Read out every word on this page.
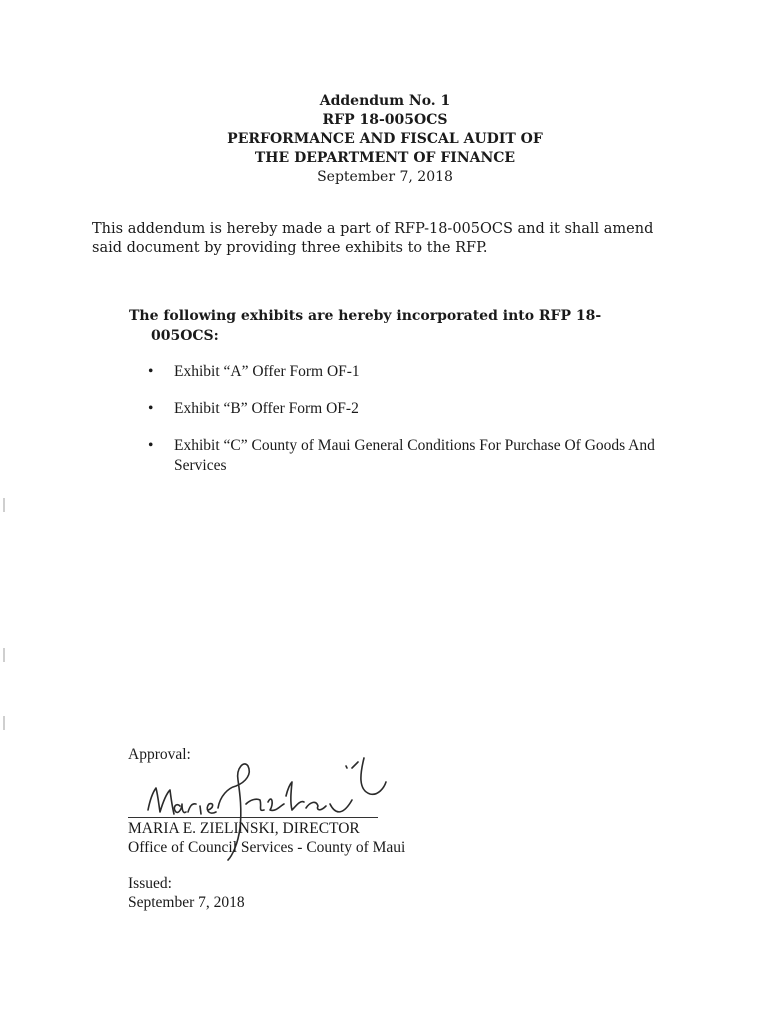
Addendum No. 1
RFP 18-005OCS
PERFORMANCE AND FISCAL AUDIT OF
THE DEPARTMENT OF FINANCE
September 7, 2018

This addendum is hereby made a part of RFP-18-005OCS and it shall amend said document by providing three exhibits to the RFP.

The following exhibits are hereby incorporated into RFP 18-
005OCS:
• Exhibit “A” Offer Form OF-1
• Exhibit “B” Offer Form OF-2
• Exhibit “C” County of Maui General Conditions For Purchase Of Goods And Services
Approval:
MARIA E. ZIELINSKI, DIRECTOR
Office of Council Services - County of Maui
Issued:
September 7, 2018
